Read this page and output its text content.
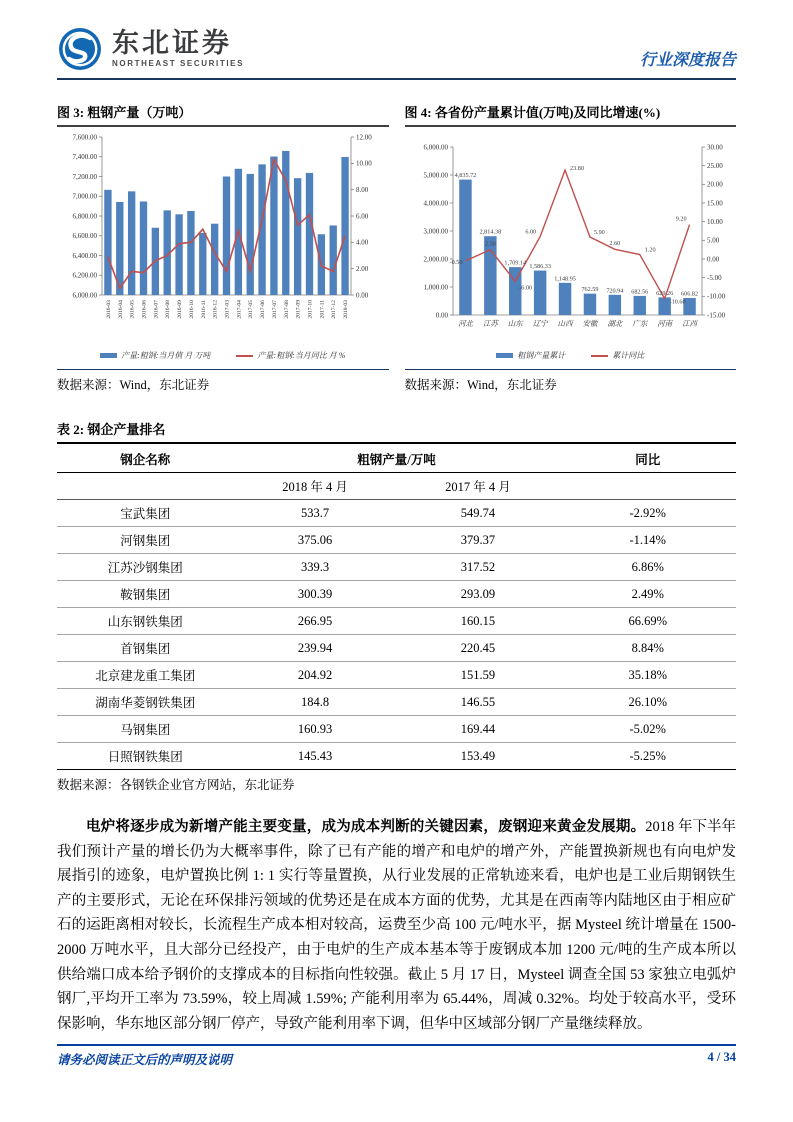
东北证券
NORTHEAST SECURITIES	行业深度报告
图 3: 粗钢产量（万吨）
6,000.00
6,200.00
6,400.00
6,600.00
6,800.00
7,000.00
7,200.00
7,400.00
7,600.00
0.00
2.00
4.00
6.00
8.00
10.00
12.00
2016-03 2016-04 2016-05 2016-06 2016-07 2016-08 2016-09 2016-10 2016-11 2016-12 2017-03 2017-04 2017-05 2017-06 2017-07 2017-08 2017-09 2017-10 2017-11 2017-12 2018-03
产量:粗钢:当月值 月 万吨	产量:粗钢:当月同比 月 %
数据来源：Wind，东北证券
图 4: 各省份产量累计值(万吨)及同比增速(%)
0.00
1,000.00
2,000.00
3,000.00
4,000.00
5,000.00
6,000.00
-15.00
-10.00
-5.00
0.00
5.00
10.00
15.00
20.00
25.00
30.00
河北 江苏 山东 辽宁 山西 安徽 湖北 广东 河南 江西
4,835.72
2,814.38
1,709.14 1,586.33
1,148.95
762.59 720.94 682.56 629.26 606.82
-0.50
2.50
-6.00
6.00
23.80
5.90
2.60
1.20
-10.60
9.20
粗钢产量累计	累计同比
数据来源：Wind，东北证券
表 2: 钢企产量排名
钢企名称	粗钢产量/万吨		同比
	2018 年 4 月	2017 年 4 月	
宝武集团	533.7	549.74	-2.92%
河钢集团	375.06	379.37	-1.14%
江苏沙钢集团	339.3	317.52	6.86%
鞍钢集团	300.39	293.09	2.49%
山东钢铁集团	266.95	160.15	66.69%
首钢集团	239.94	220.45	8.84%
北京建龙重工集团	204.92	151.59	35.18%
湖南华菱钢铁集团	184.8	146.55	26.10%
马钢集团	160.93	169.44	-5.02%
日照钢铁集团	145.43	153.49	-5.25%
数据来源：各钢铁企业官方网站，东北证券

电炉将逐步成为新增产能主要变量，成为成本判断的关键因素，废钢迎来黄金发展期。2018 年下半年我们预计产量的增长仍为大概率事件，除了已有产能的增产和电炉的增产外，产能置换新规也有向电炉发展指引的迹象，电炉置换比例 1: 1 实行等量置换，从行业发展的正常轨迹来看，电炉也是工业后期钢铁生产的主要形式，无论在环保排污领域的优势还是在成本方面的优势，尤其是在西南等内陆地区由于相应矿石的运距离相对较长，长流程生产成本相对较高，运费至少高 100 元/吨水平，据 Mysteel 统计增量在 1500-2000 万吨水平，且大部分已经投产，由于电炉的生产成本基本等于废钢成本加 1200 元/吨的生产成本所以供给端口成本给予钢价的支撑成本的目标指向性较强。截止 5 月 17 日，Mysteel 调查全国 53 家独立电弧炉钢厂,平均开工率为 73.59%，较上周减 1.59%; 产能利用率为 65.44%，周减 0.32%。均处于较高水平，受环保影响，华东地区部分钢厂停产，导致产能利用率下调，但华中区域部分钢厂产量继续释放。

请务必阅读正文后的声明及说明	4 / 34
